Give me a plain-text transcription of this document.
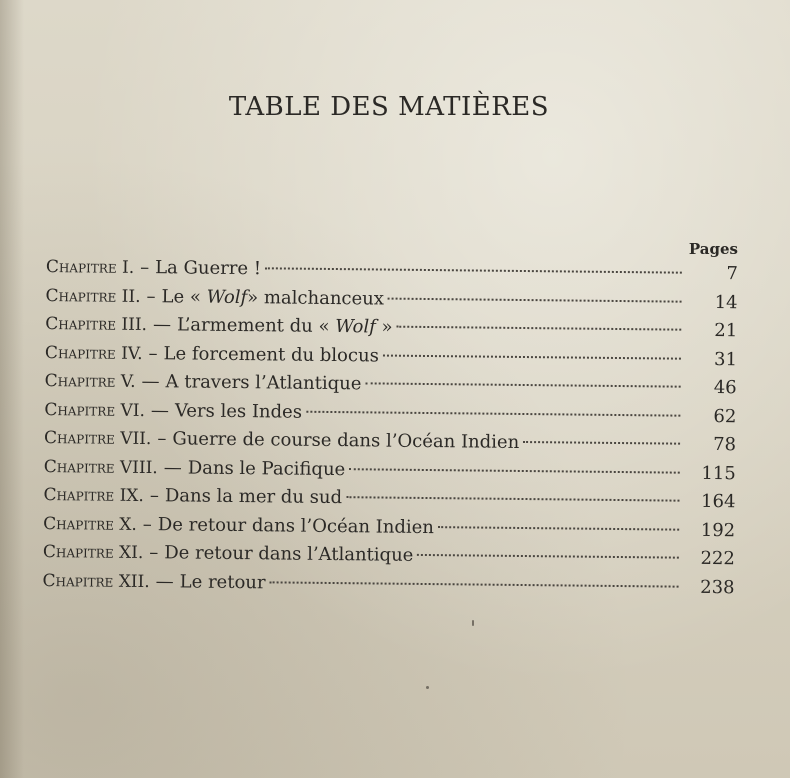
TABLE DES MATIÈRES
Pages
Chapitre I. – La Guerre !	7
Chapitre II. – Le « Wolf» malchanceux	14
Chapitre III. — L’armement du « Wolf »	21
Chapitre IV. – Le forcement du blocus	31
Chapitre V. — A travers l’Atlantique	46
Chapitre VI. — Vers les Indes	62
Chapitre VII. – Guerre de course dans l’Océan Indien	78
Chapitre VIII. — Dans le Pacifique	115
Chapitre IX. – Dans la mer du sud	164
Chapitre X. – De retour dans l’Océan Indien	192
Chapitre XI. – De retour dans l’Atlantique	222
Chapitre XII. — Le retour	238
